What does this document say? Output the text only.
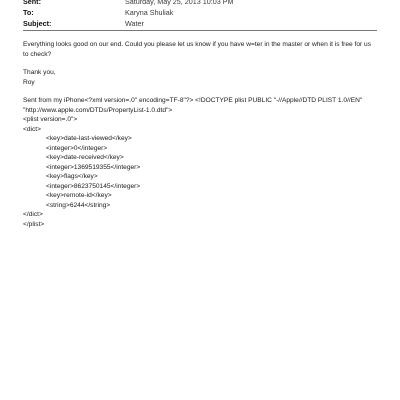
Sent:	Saturday, May 25, 2013 10:03 PM
To:	Karyna Shuliak
Subject:	Water

Everything looks good on our end. Could you please let us know if you have w=ter in the master or when it is free for us

to check?

Thank you,

Roy

Sent from my iPhone<?xml version=.0" encoding=TF-8"?> <!DOCTYPE plist PUBLIC "-//Apple//DTD PLIST 1.0//EN"

"http://www.apple.com/DTDs/PropertyList-1.0.dtd">

<plist version=.0">

<dict>

<key>date-last-viewed</key>

<integer>0</integer>

<key>date-received</key>

<integer>1369519355</integer>

<key>flags</key>

<integer>8623750145</integer>

<key>remote-id</key>

<string>6244</string>

</dict>

</plist>
